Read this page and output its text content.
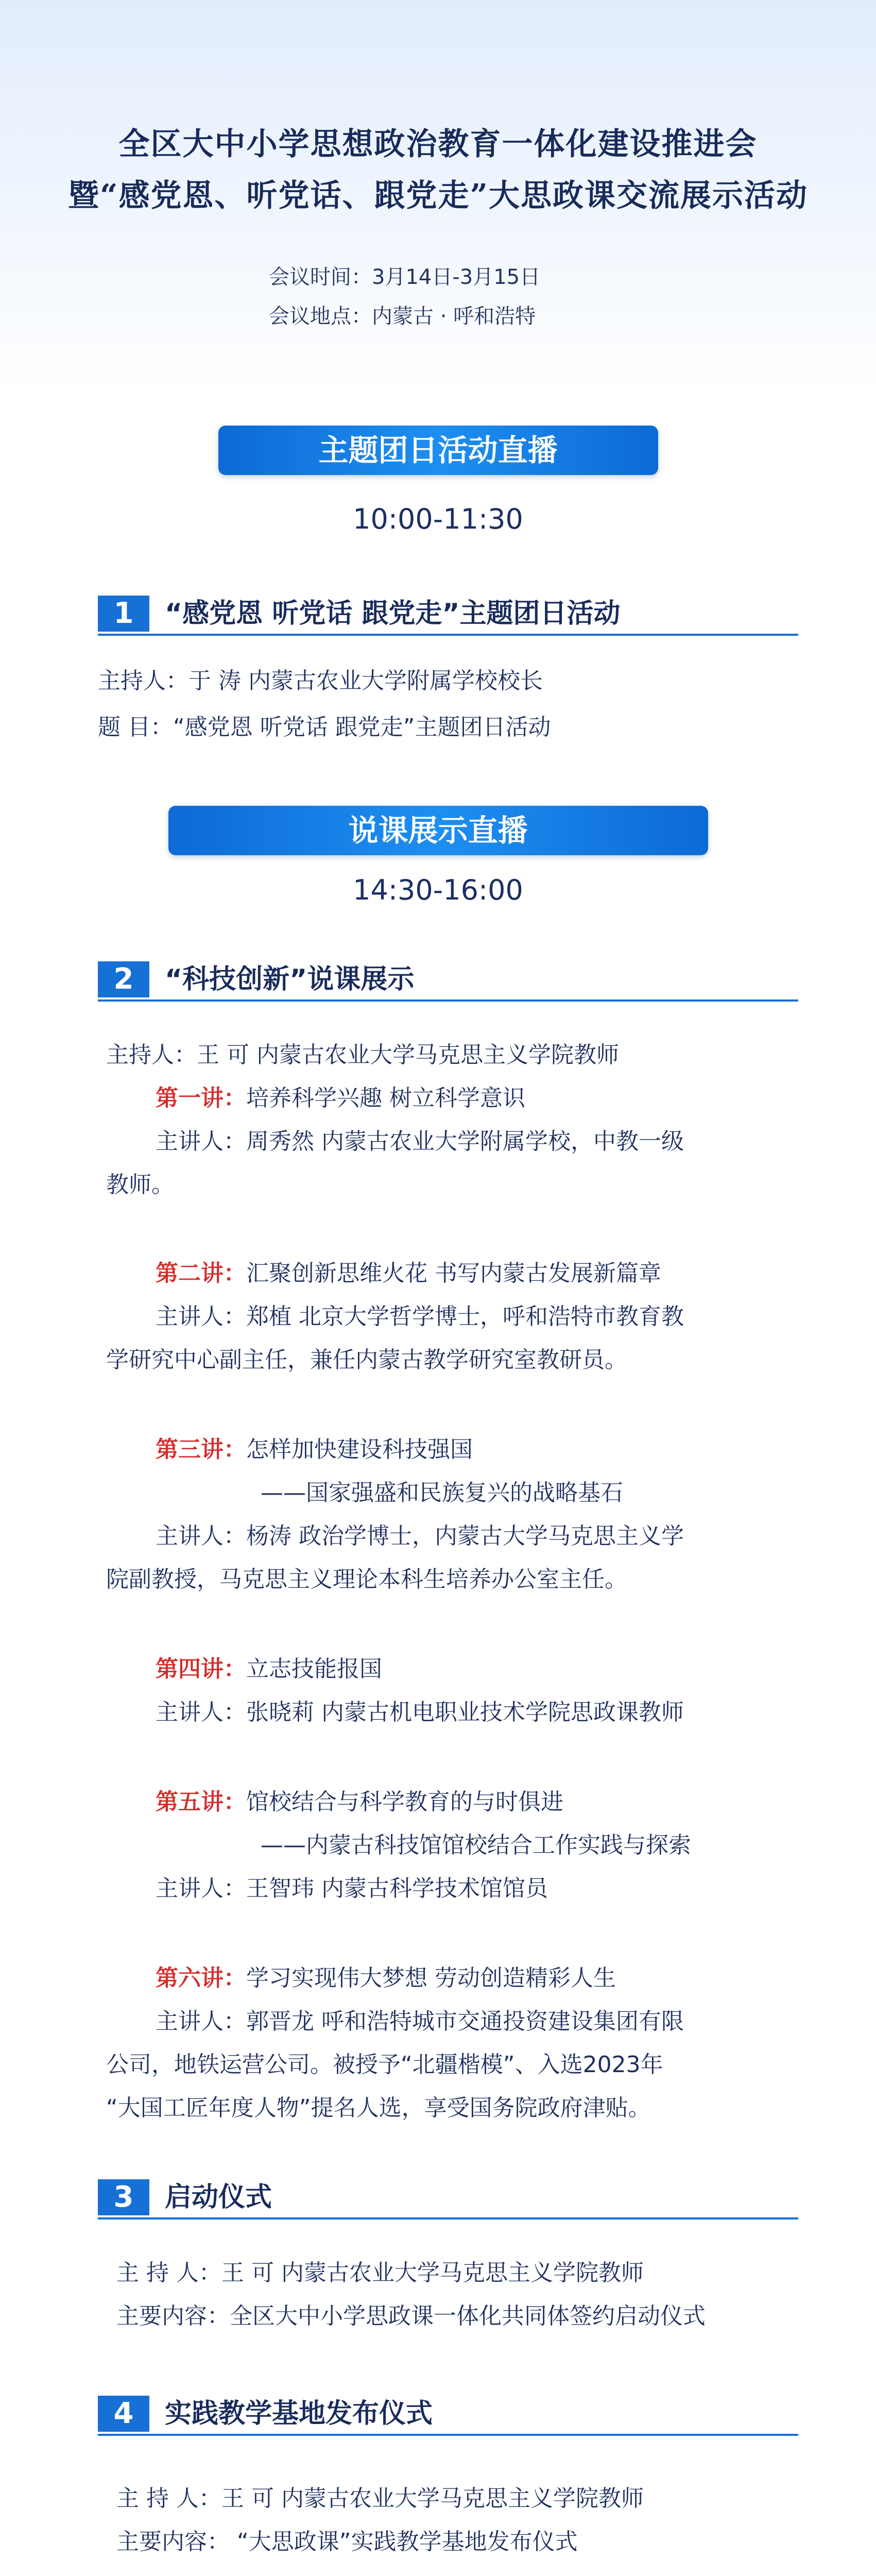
全区大中小学思想政治教育一体化建设推进会
暨“感党恩、听党话、跟党走”大思政课交流展示活动
会议时间：3月14日-3月15日
会议地点：内蒙古 · 呼和浩特
主题团日活动直播
10:00-11:30
1	“感党恩 听党话 跟党走”主题团日活动
主持人：于 涛 内蒙古农业大学附属学校校长
题 目：“感党恩 听党话 跟党走”主题团日活动
说课展示直播
14:30-16:00
2	“科技创新”说课展示
主持人：王 可 内蒙古农业大学马克思主义学院教师
第一讲：培养科学兴趣 树立科学意识
主讲人：周秀然 内蒙古农业大学附属学校，中教一级
教师。
第二讲：汇聚创新思维火花 书写内蒙古发展新篇章
主讲人：郑植 北京大学哲学博士，呼和浩特市教育教
学研究中心副主任，兼任内蒙古教学研究室教研员。
第三讲：怎样加快建设科技强国
——国家强盛和民族复兴的战略基石
主讲人：杨涛 政治学博士，内蒙古大学马克思主义学
院副教授，马克思主义理论本科生培养办公室主任。
第四讲：立志技能报国
主讲人：张晓莉 内蒙古机电职业技术学院思政课教师
第五讲：馆校结合与科学教育的与时俱进
——内蒙古科技馆馆校结合工作实践与探索
主讲人：王智玮 内蒙古科学技术馆馆员
第六讲：学习实现伟大梦想 劳动创造精彩人生
主讲人：郭晋龙 呼和浩特城市交通投资建设集团有限
公司，地铁运营公司。被授予“北疆楷模”、入选2023年
“大国工匠年度人物”提名人选，享受国务院政府津贴。
3	启动仪式
主 持 人：王 可 内蒙古农业大学马克思主义学院教师
主要内容：全区大中小学思政课一体化共同体签约启动仪式
4	实践教学基地发布仪式
主 持 人：王 可 内蒙古农业大学马克思主义学院教师
主要内容： “大思政课”实践教学基地发布仪式
